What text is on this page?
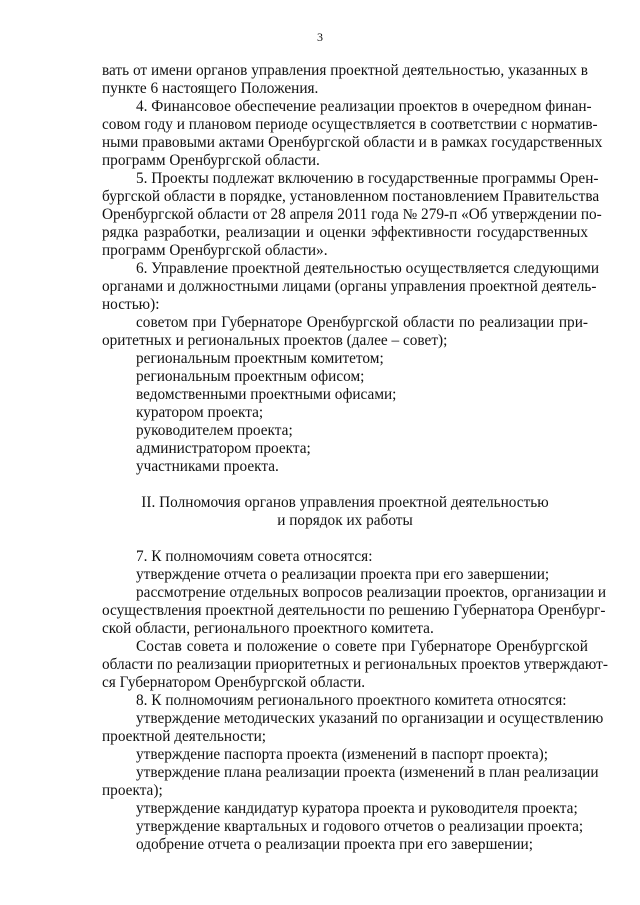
3
вать от имени органов управления проектной деятельностью, указанных в
пункте 6 настоящего Положения.
4. Финансовое обеспечение реализации проектов в очередном финан-
совом году и плановом периоде осуществляется в соответствии с норматив-
ными правовыми актами Оренбургской области и в рамках государственных
программ Оренбургской области.
5. Проекты подлежат включению в государственные программы Орен-
бургской области в порядке, установленном постановлением Правительства
Оренбургской области от 28 апреля 2011 года № 279-п «Об утверждении по-
рядка разработки, реализации и оценки эффективности государственных
программ Оренбургской области».
6. Управление проектной деятельностью осуществляется следующими
органами и должностными лицами (органы управления проектной деятель-
ностью):
советом при Губернаторе Оренбургской области по реализации при-
оритетных и региональных проектов (далее – совет);
региональным проектным комитетом;
региональным проектным офисом;
ведомственными проектными офисами;
куратором проекта;
руководителем проекта;
администратором проекта;
участниками проекта.
II. Полномочия органов управления проектной деятельностью
и порядок их работы
7. К полномочиям совета относятся:
утверждение отчета о реализации проекта при его завершении;
рассмотрение отдельных вопросов реализации проектов, организации и
осуществления проектной деятельности по решению Губернатора Оренбург-
ской области, регионального проектного комитета.
Состав совета и положение о совете при Губернаторе Оренбургской
области по реализации приоритетных и региональных проектов утверждают-
ся Губернатором Оренбургской области.
8. К полномочиям регионального проектного комитета относятся:
утверждение методических указаний по организации и осуществлению
проектной деятельности;
утверждение паспорта проекта (изменений в паспорт проекта);
утверждение плана реализации проекта (изменений в план реализации
проекта);
утверждение кандидатур куратора проекта и руководителя проекта;
утверждение квартальных и годового отчетов о реализации проекта;
одобрение отчета о реализации проекта при его завершении;
